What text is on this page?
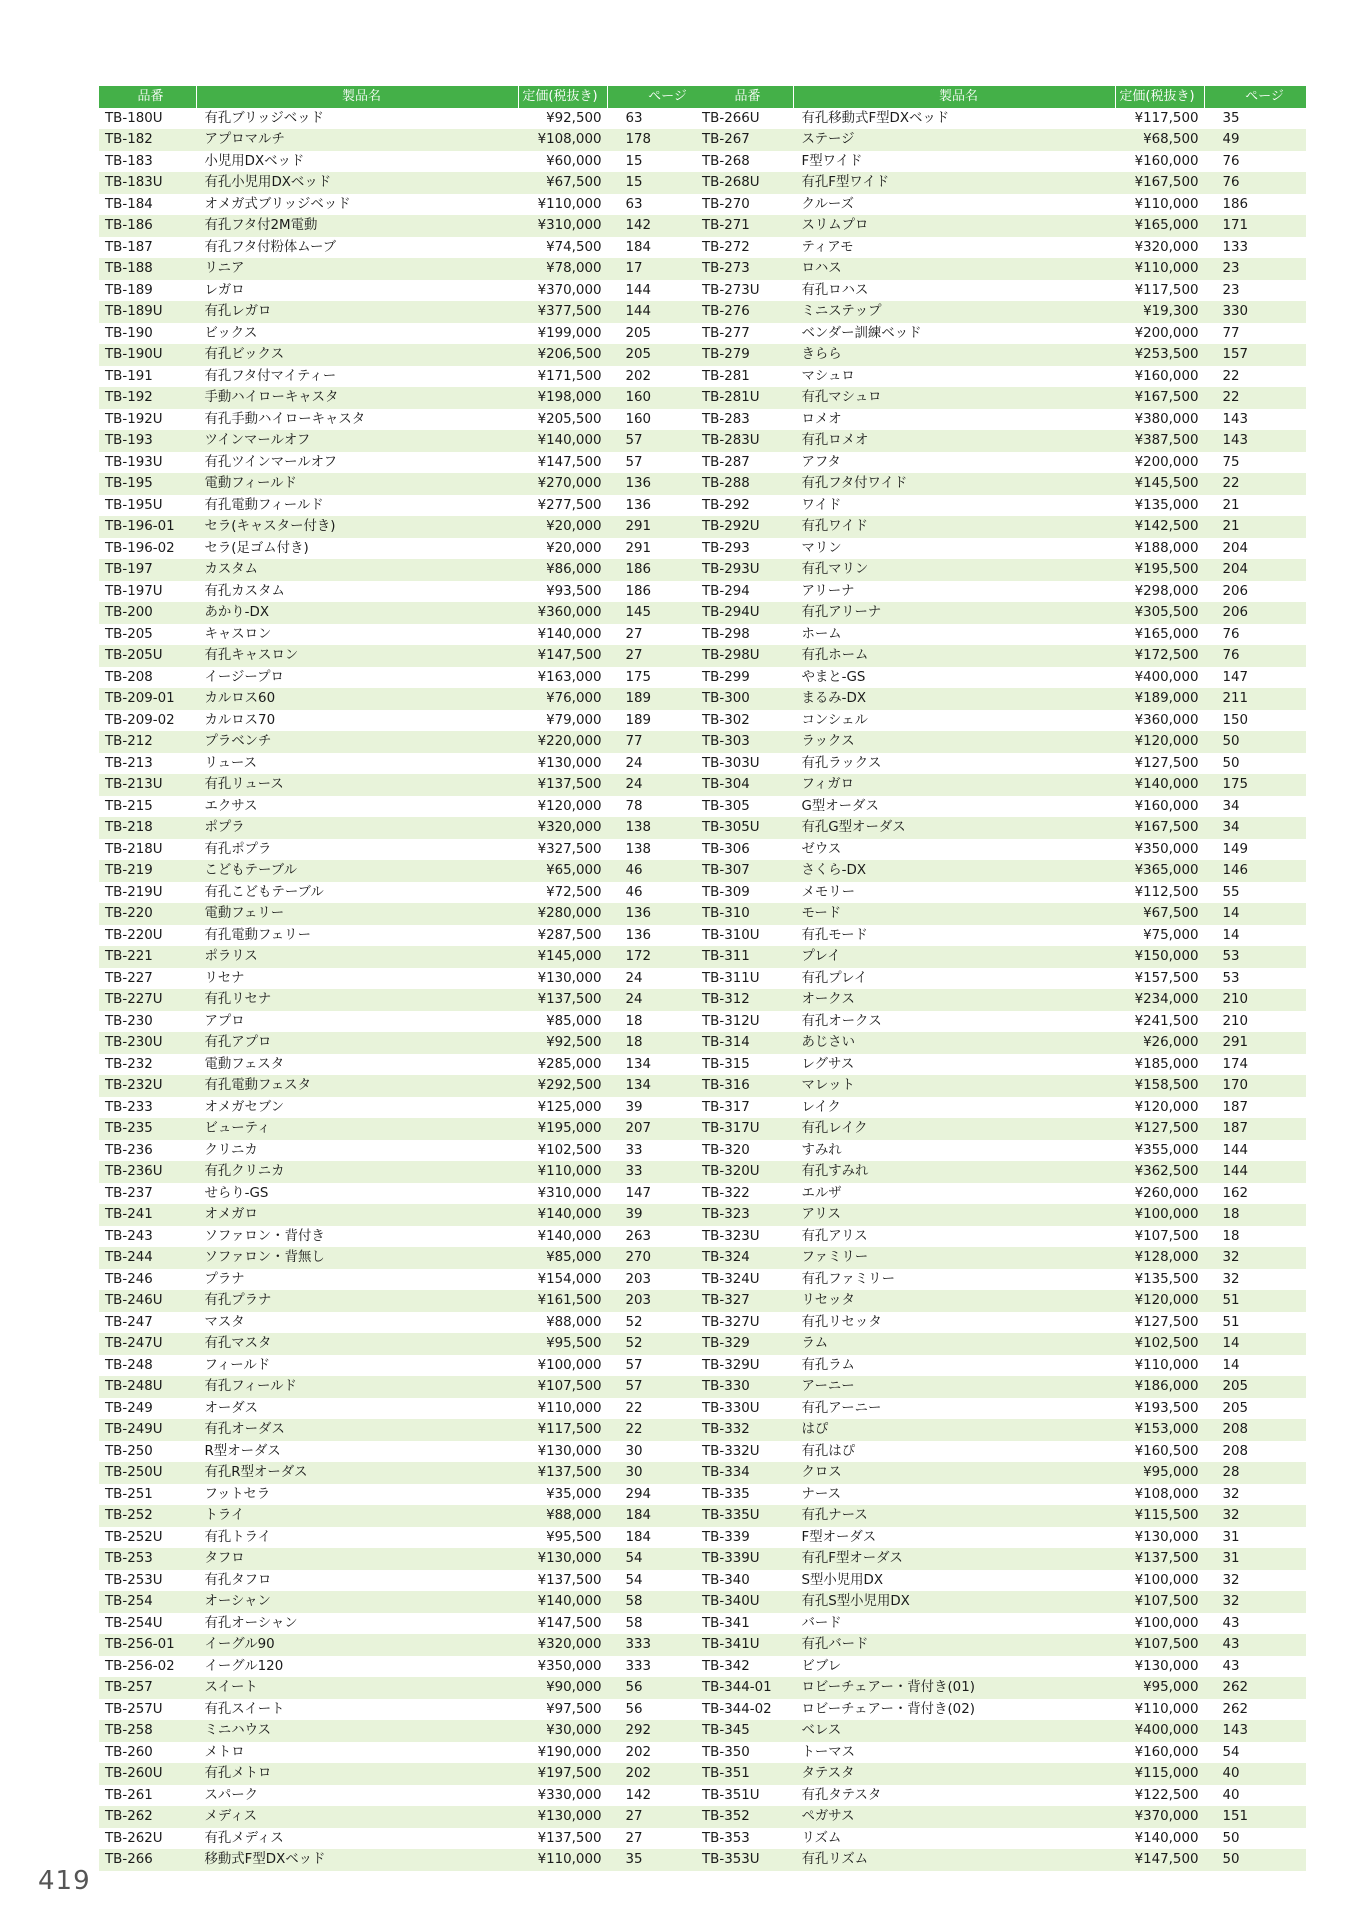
品番	製品名	定価(税抜き)	ページ
TB-180U	有孔ブリッジベッド	¥92,500	63
TB-182	アプロマルチ	¥108,000	178
TB-183	小児用DXベッド	¥60,000	15
TB-183U	有孔小児用DXベッド	¥67,500	15
TB-184	オメガ式ブリッジベッド	¥110,000	63
TB-186	有孔フタ付2M電動	¥310,000	142
TB-187	有孔フタ付粉体ムーブ	¥74,500	184
TB-188	リニア	¥78,000	17
TB-189	レガロ	¥370,000	144
TB-189U	有孔レガロ	¥377,500	144
TB-190	ビックス	¥199,000	205
TB-190U	有孔ビックス	¥206,500	205
TB-191	有孔フタ付マイティー	¥171,500	202
TB-192	手動ハイローキャスタ	¥198,000	160
TB-192U	有孔手動ハイローキャスタ	¥205,500	160
TB-193	ツインマールオフ	¥140,000	57
TB-193U	有孔ツインマールオフ	¥147,500	57
TB-195	電動フィールド	¥270,000	136
TB-195U	有孔電動フィールド	¥277,500	136
TB-196-01	セラ(キャスター付き)	¥20,000	291
TB-196-02	セラ(足ゴム付き)	¥20,000	291
TB-197	カスタム	¥86,000	186
TB-197U	有孔カスタム	¥93,500	186
TB-200	あかり-DX	¥360,000	145
TB-205	キャスロン	¥140,000	27
TB-205U	有孔キャスロン	¥147,500	27
TB-208	イージープロ	¥163,000	175
TB-209-01	カルロス60	¥76,000	189
TB-209-02	カルロス70	¥79,000	189
TB-212	プラベンチ	¥220,000	77
TB-213	リュース	¥130,000	24
TB-213U	有孔リュース	¥137,500	24
TB-215	エクサス	¥120,000	78
TB-218	ポプラ	¥320,000	138
TB-218U	有孔ポプラ	¥327,500	138
TB-219	こどもテーブル	¥65,000	46
TB-219U	有孔こどもテーブル	¥72,500	46
TB-220	電動フェリー	¥280,000	136
TB-220U	有孔電動フェリー	¥287,500	136
TB-221	ポラリス	¥145,000	172
TB-227	リセナ	¥130,000	24
TB-227U	有孔リセナ	¥137,500	24
TB-230	アプロ	¥85,000	18
TB-230U	有孔アプロ	¥92,500	18
TB-232	電動フェスタ	¥285,000	134
TB-232U	有孔電動フェスタ	¥292,500	134
TB-233	オメガセブン	¥125,000	39
TB-235	ビューティ	¥195,000	207
TB-236	クリニカ	¥102,500	33
TB-236U	有孔クリニカ	¥110,000	33
TB-237	せらり-GS	¥310,000	147
TB-241	オメガロ	¥140,000	39
TB-243	ソファロン・背付き	¥140,000	263
TB-244	ソファロン・背無し	¥85,000	270
TB-246	プラナ	¥154,000	203
TB-246U	有孔プラナ	¥161,500	203
TB-247	マスタ	¥88,000	52
TB-247U	有孔マスタ	¥95,500	52
TB-248	フィールド	¥100,000	57
TB-248U	有孔フィールド	¥107,500	57
TB-249	オーダス	¥110,000	22
TB-249U	有孔オーダス	¥117,500	22
TB-250	R型オーダス	¥130,000	30
TB-250U	有孔R型オーダス	¥137,500	30
TB-251	フットセラ	¥35,000	294
TB-252	トライ	¥88,000	184
TB-252U	有孔トライ	¥95,500	184
TB-253	タフロ	¥130,000	54
TB-253U	有孔タフロ	¥137,500	54
TB-254	オーシャン	¥140,000	58
TB-254U	有孔オーシャン	¥147,500	58
TB-256-01	イーグル90	¥320,000	333
TB-256-02	イーグル120	¥350,000	333
TB-257	スイート	¥90,000	56
TB-257U	有孔スイート	¥97,500	56
TB-258	ミニハウス	¥30,000	292
TB-260	メトロ	¥190,000	202
TB-260U	有孔メトロ	¥197,500	202
TB-261	スパーク	¥330,000	142
TB-262	メディス	¥130,000	27
TB-262U	有孔メディス	¥137,500	27
TB-266	移動式F型DXベッド	¥110,000	35
品番	製品名	定価(税抜き)	ページ
TB-266U	有孔移動式F型DXベッド	¥117,500	35
TB-267	ステージ	¥68,500	49
TB-268	F型ワイド	¥160,000	76
TB-268U	有孔F型ワイド	¥167,500	76
TB-270	クルーズ	¥110,000	186
TB-271	スリムプロ	¥165,000	171
TB-272	ティアモ	¥320,000	133
TB-273	ロハス	¥110,000	23
TB-273U	有孔ロハス	¥117,500	23
TB-276	ミニステップ	¥19,300	330
TB-277	ベンダー訓練ベッド	¥200,000	77
TB-279	きらら	¥253,500	157
TB-281	マシュロ	¥160,000	22
TB-281U	有孔マシュロ	¥167,500	22
TB-283	ロメオ	¥380,000	143
TB-283U	有孔ロメオ	¥387,500	143
TB-287	アフタ	¥200,000	75
TB-288	有孔フタ付ワイド	¥145,500	22
TB-292	ワイド	¥135,000	21
TB-292U	有孔ワイド	¥142,500	21
TB-293	マリン	¥188,000	204
TB-293U	有孔マリン	¥195,500	204
TB-294	アリーナ	¥298,000	206
TB-294U	有孔アリーナ	¥305,500	206
TB-298	ホーム	¥165,000	76
TB-298U	有孔ホーム	¥172,500	76
TB-299	やまと-GS	¥400,000	147
TB-300	まるみ-DX	¥189,000	211
TB-302	コンシェル	¥360,000	150
TB-303	ラックス	¥120,000	50
TB-303U	有孔ラックス	¥127,500	50
TB-304	フィガロ	¥140,000	175
TB-305	G型オーダス	¥160,000	34
TB-305U	有孔G型オーダス	¥167,500	34
TB-306	ゼウス	¥350,000	149
TB-307	さくら-DX	¥365,000	146
TB-309	メモリー	¥112,500	55
TB-310	モード	¥67,500	14
TB-310U	有孔モード	¥75,000	14
TB-311	プレイ	¥150,000	53
TB-311U	有孔プレイ	¥157,500	53
TB-312	オークス	¥234,000	210
TB-312U	有孔オークス	¥241,500	210
TB-314	あじさい	¥26,000	291
TB-315	レグサス	¥185,000	174
TB-316	マレット	¥158,500	170
TB-317	レイク	¥120,000	187
TB-317U	有孔レイク	¥127,500	187
TB-320	すみれ	¥355,000	144
TB-320U	有孔すみれ	¥362,500	144
TB-322	エルザ	¥260,000	162
TB-323	アリス	¥100,000	18
TB-323U	有孔アリス	¥107,500	18
TB-324	ファミリー	¥128,000	32
TB-324U	有孔ファミリー	¥135,500	32
TB-327	リセッタ	¥120,000	51
TB-327U	有孔リセッタ	¥127,500	51
TB-329	ラム	¥102,500	14
TB-329U	有孔ラム	¥110,000	14
TB-330	アーニー	¥186,000	205
TB-330U	有孔アーニー	¥193,500	205
TB-332	はぴ	¥153,000	208
TB-332U	有孔はぴ	¥160,500	208
TB-334	クロス	¥95,000	28
TB-335	ナース	¥108,000	32
TB-335U	有孔ナース	¥115,500	32
TB-339	F型オーダス	¥130,000	31
TB-339U	有孔F型オーダス	¥137,500	31
TB-340	S型小児用DX	¥100,000	32
TB-340U	有孔S型小児用DX	¥107,500	32
TB-341	バード	¥100,000	43
TB-341U	有孔バード	¥107,500	43
TB-342	ビブレ	¥130,000	43
TB-344-01	ロビーチェアー・背付き(01)	¥95,000	262
TB-344-02	ロビーチェアー・背付き(02)	¥110,000	262
TB-345	ベレス	¥400,000	143
TB-350	トーマス	¥160,000	54
TB-351	タテスタ	¥115,000	40
TB-351U	有孔タテスタ	¥122,500	40
TB-352	ペガサス	¥370,000	151
TB-353	リズム	¥140,000	50
TB-353U	有孔リズム	¥147,500	50
419
